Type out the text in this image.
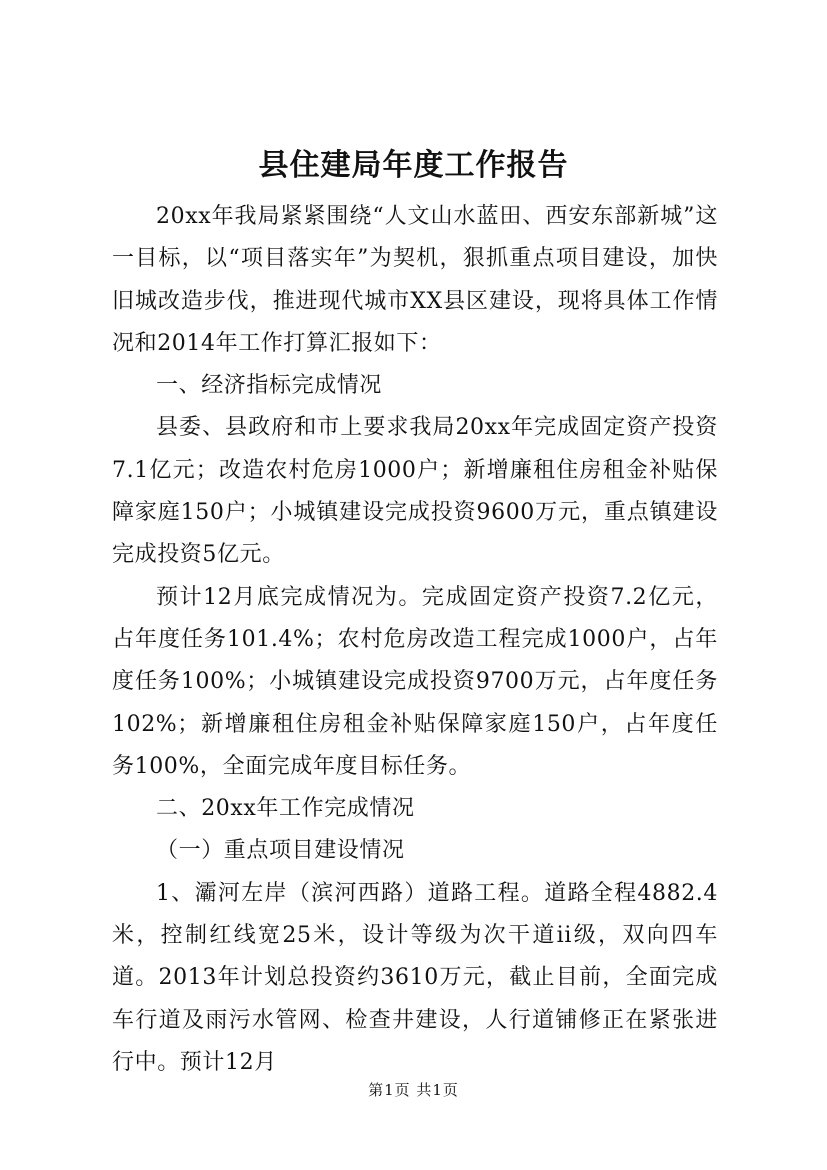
县住建局年度工作报告

20xx年我局紧紧围绕“人文山水蓝田、西安东部新城”这一目标，以“项目落实年”为契机，狠抓重点项目建设，加快旧城改造步伐，推进现代城市XX县区建设，现将具体工作情况和2014年工作打算汇报如下：

一、经济指标完成情况

县委、县政府和市上要求我局20xx年完成固定资产投资7.1亿元；改造农村危房1000户；新增廉租住房租金补贴保障家庭150户；小城镇建设完成投资9600万元，重点镇建设完成投资5亿元。

预计12月底完成情况为。完成固定资产投资7.2亿元，占年度任务101.4%；农村危房改造工程完成1000户，占年度任务100%；小城镇建设完成投资9700万元，占年度任务102%；新增廉租住房租金补贴保障家庭150户，占年度任务100%，全面完成年度目标任务。

二、20xx年工作完成情况

（一）重点项目建设情况

1、灞河左岸（滨河西路）道路工程。道路全程4882.4米，控制红线宽25米，设计等级为次干道ii级，双向四车道。2013年计划总投资约3610万元，截止目前，全面完成车行道及雨污水管网、检查井建设，人行道铺修正在紧张进行中。预计12月

第1页 共1页
